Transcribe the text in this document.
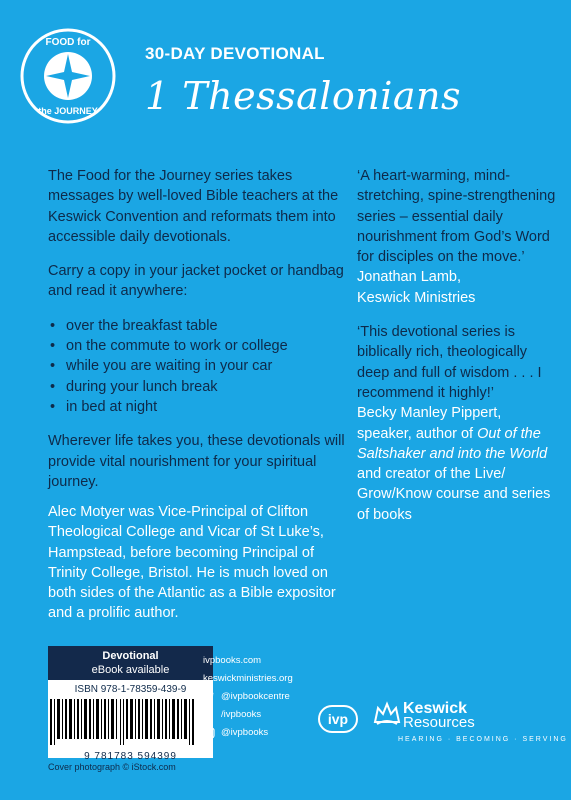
FOOD for
the JOURNEY
30-DAY DEVOTIONAL
1 Thessalonians

The Food for the Journey series takes messages by well-loved Bible teachers at the Keswick Convention and reformats them into accessible daily devotionals.

Carry a copy in your jacket pocket or handbag and read it anywhere:

• over the breakfast table
• on the commute to work or college
• while you are waiting in your car
• during your lunch break
• in bed at night

Wherever life takes you, these devotionals will provide vital nourishment for your spiritual journey.

‘A heart-warming, mind-stretching, spine-strengthening series – essential daily nourishment from God’s Word for disciples on the move.’
Jonathan Lamb,
Keswick Ministries

‘This devotional series is biblically rich, theologically deep and full of wisdom . . . I recommend it highly!’
Becky Manley Pippert,
speaker, author of Out of the Saltshaker and into the World and creator of the Live/ Grow/Know course and series of books

Alec Motyer was Vice-Principal of Clifton Theological College and Vicar of St Luke’s, Hampstead, before becoming Principal of Trinity College, Bristol. He is much loved on both sides of the Atlantic as a Bible expositor and a prolific author.
Devotional
eBook available
ISBN 978-1-78359-439-9
9 781783 594399
Cover photograph © iStock.com
ivpbooks.com
keswickministries.org
@ivpbookcentre
/ivpbooks
@ivpbooks
ivp
Keswick
Resources
HEARING · BECOMING · SERVING
